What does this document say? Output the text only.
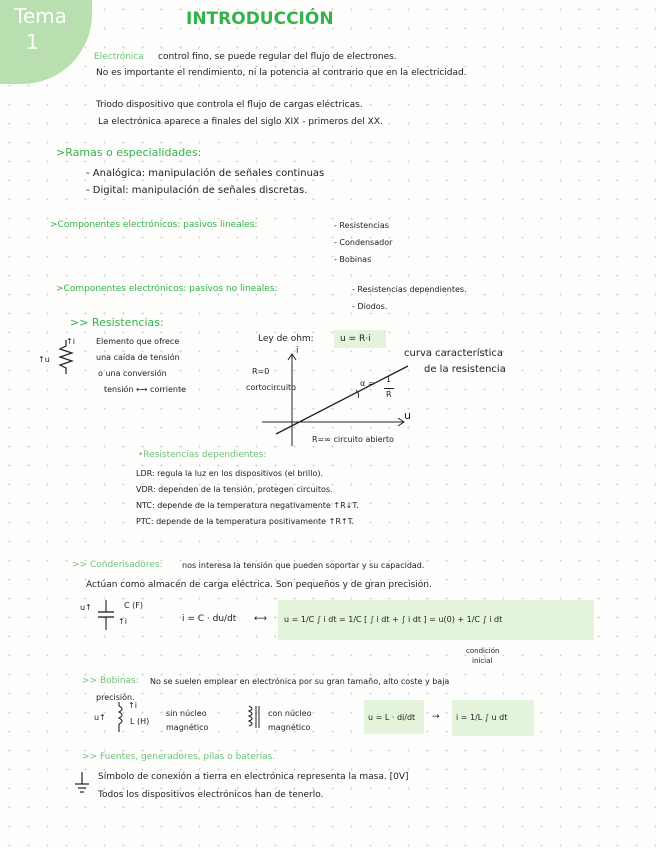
Tema
1
INTRODUCCIÓN
Electrónica control fino, se puede regular del flujo de electrones.
No es importante el rendimiento, ni la potencia al contrario que en la electricidad.
Triodo dispositivo que controla el flujo de cargas eléctricas.
La electrónica aparece a finales del siglo XIX - primeros del XX.
>Ramas o especialidades:
- Analógica: manipulación de señales continuas
- Digital: manipulación de señales discretas.
>Componentes electrónicos: pasivos lineales:	- Resistencias
- Condensador
- Bobinas
>Componentes electrónicos: pasivos no lineales:	- Resistencias dependientes.
- Diodos.
>> Resistencias:
↑i
↑u
Elemento que ofrece
una caída de tensión
o una conversión
tensión ⟷ corriente
Ley de ohm:	u = R·i
i
u
R=0
cortocircuito	α = 1
R
R=∞ circuito abierto
curva característica
de la resistencia
•Resistencias dependientes:
LDR: regula la luz en los dispositivos (el brillo).
VDR: dependen de la tensión, protegen circuitos.
NTC: depende de la temperatura negativamente ↑R↓T.
PTC: depende de la temperatura positivamente ↑R↑T.
>> Condensadores: nos interesa la tensión que pueden soportar y su capacidad.
Actúan como almacén de carga eléctrica. Son pequeños y de gran precisión.
u↑	C (F)
↑i	i = C · du/dt ⟷ u = 1/C ∫ i dt = 1/C [ ∫ i dt + ∫ i dt ] = u(0) + 1/C ∫ i dt
condición
inicial
>> Bobinas: No se suelen emplear en electrónica por su gran tamaño, alto coste y baja
precisión.
u↑
↑i
L (H)
sin núcleo
magnético
con núcleo
magnético
u = L · di/dt → i = 1/L ∫ u dt
>> Fuentes, generadores, pilas o baterías.
Símbolo de conexión a tierra en electrónica representa la masa. [0V]
Todos los dispositivos electrónicos han de tenerlo.
